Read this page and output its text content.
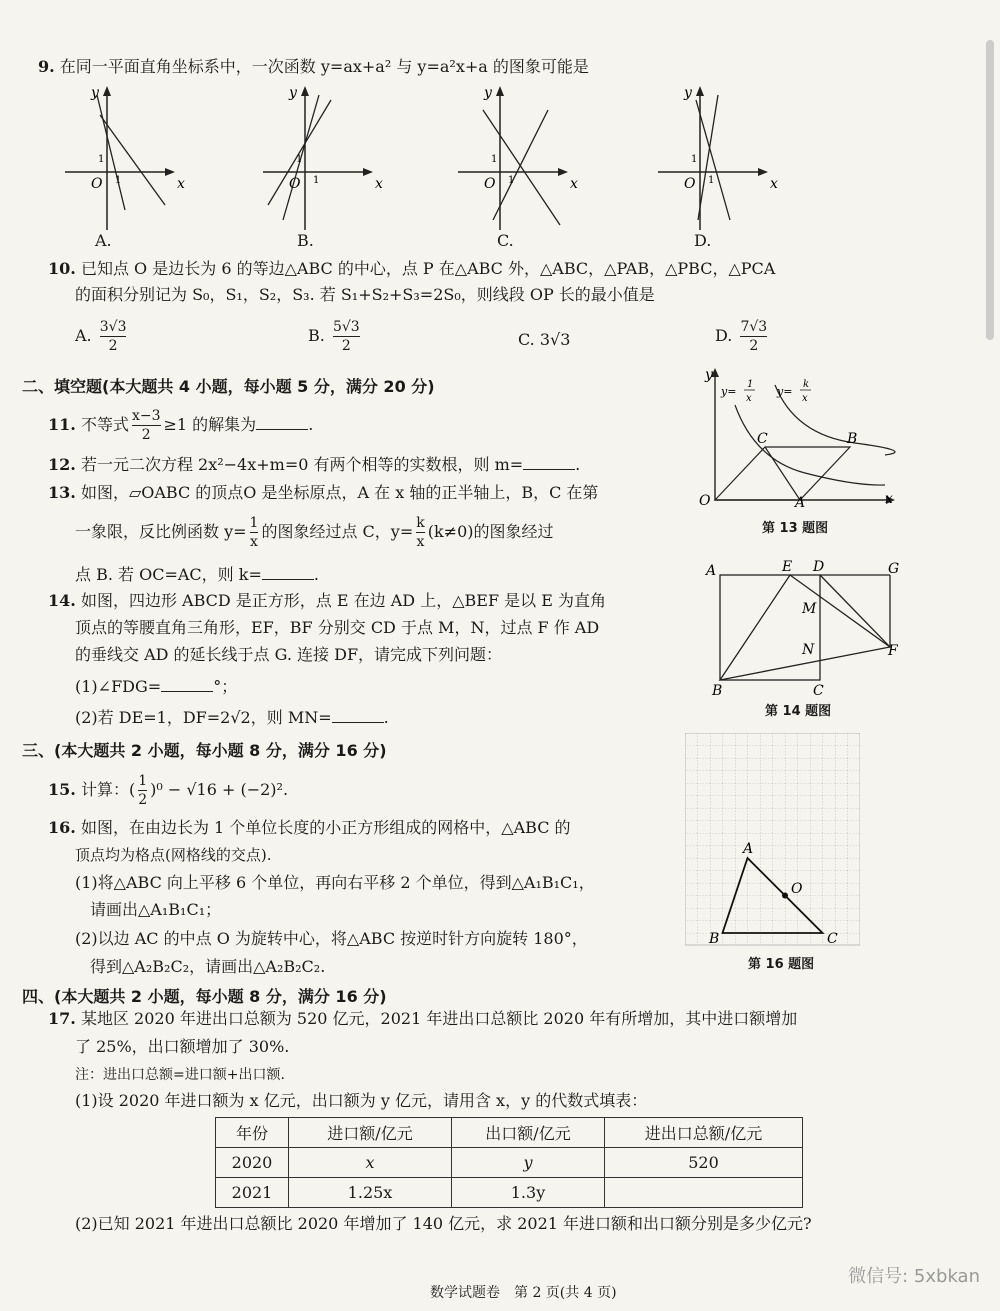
9. 在同一平面直角坐标系中，一次函数 y=ax+a² 与 y=a²x+a 的图象可能是
y
x
O
1
1
y
x
O
1
1
y
x
O
1
1
y
x
O
1
1
A.	B.	C.	D.
10. 已知点 O 是边长为 6 的等边△ABC 的中心，点 P 在△ABC 外，△ABC，△PAB，△PBC，△PCA
的面积分别记为 S₀，S₁，S₂，S₃. 若 S₁+S₂+S₃=2S₀，则线段 OP 长的最小值是
A. $\frac{3√3}{2}$	B. $\frac{5√3}{2}$	C. 3√3	D. $\frac{7√3}{2}$
二、填空题(本大题共 4 小题，每小题 5 分，满分 20 分)
11. 不等式 $\frac{x-3}{2} \ge 1$ 的解集为	.
12. 若一元二次方程 2x²−4x+m=0 有两个相等的实数根，则 m=	.
13. 如图，▱OABC 的顶点O 是坐标原点，A 在 x 轴的正半轴上，B，C 在第
一象限，反比例函数 $y= \frac{1}{x}$ 的图象经过点 C，$y= \frac{k}{x} (k\ne 0)$的图象经过
点 B. 若 OC=AC，则 k=	.
y
x
O	A
B
C
y=
1
x
y=
k
x
第 13 题图
14. 如图，四边形 ABCD 是正方形，点 E 在边 AD 上，△BEF 是以 E 为直角
顶点的等腰直角三角形，EF，BF 分别交 CD 于点 M，N，过点 F 作 AD
的垂线交 AD 的延长线于点 G. 连接 DF，请完成下列问题：
(1)∠FDG=	°；
(2)若 DE=1，DF=2√2，则 MN=	.
A	E D	G
M
N	F
B	C
第 14 题图
三、(本大题共 2 小题，每小题 8 分，满分 16 分)
15. 计算：( $\frac{1}{2} )^0 - √16 + (-2)^2$.
16. 如图，在由边长为 1 个单位长度的小正方形组成的网格中，△ABC 的
顶点均为格点(网格线的交点).
(1)将△ABC 向上平移 6 个单位，再向右平移 2 个单位，得到△A₁B₁C₁，
请画出△A₁B₁C₁；
(2)以边 AC 的中点 O 为旋转中心，将△ABC 按逆时针方向旋转 180°，
得到△A₂B₂C₂，请画出△A₂B₂C₂.
A
B	C
O
第 16 题图
四、(本大题共 2 小题，每小题 8 分，满分 16 分)
17. 某地区 2020 年进出口总额为 520 亿元，2021 年进出口总额比 2020 年有所增加，其中进口额增加
了 25%，出口额增加了 30%.
注：进出口总额=进口额+出口额.
(1)设 2020 年进口额为 x 亿元，出口额为 y 亿元，请用含 x，y 的代数式填表：
年份	进口额/亿元	出口额/亿元	进出口总额/亿元
2020	x	y	520
2021	1.25x	1.3y	
(2)已知 2021 年进出口总额比 2020 年增加了 140 亿元，求 2021 年进口额和出口额分别是多少亿元?
数学试题卷　第 2 页(共 4 页)
微信号: 5xbkan
